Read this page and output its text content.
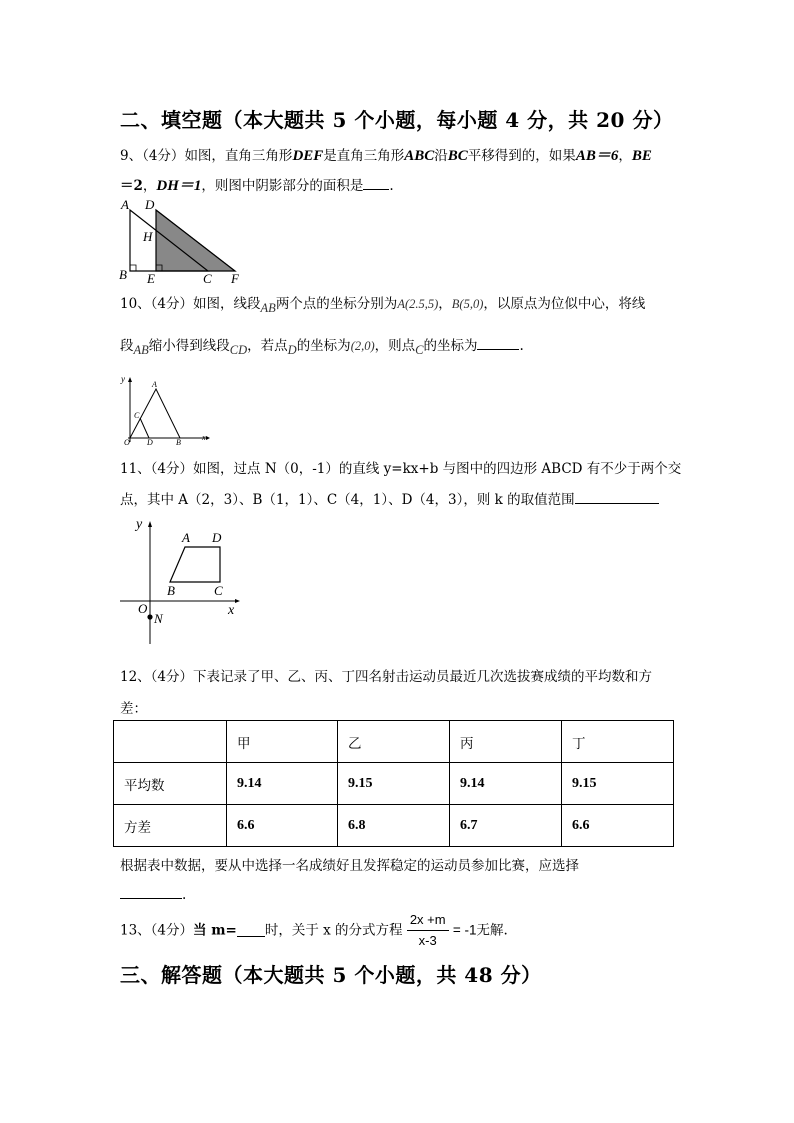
二、填空题（本大题共 5 个小题，每小题 4 分，共 20 分）
9、（4分）如图，直角三角形DEF是直角三角形ABC沿BC平移得到的，如果AB＝6，BE
＝2，DH＝1，则图中阴影部分的面积是 .
A D
H
B E	C F
10、（4分）如图，线段AB两个点的坐标分别为A(2.5,5)，B(5,0)，以原点为位似中心，将线
段AB缩小得到线段CD，若点D的坐标为(2,0)，则点C的坐标为	.
y
x
A
C
O D	B
11、（4分）如图，过点 N（0，-1）的直线 y=kx+b 与图中的四边形 ABCD 有不少于两个交
点，其中 A（2，3）、B（1，1）、C（4，1）、D（4，3），则 k 的取值范围
y
x
A D
B	C
O
N
12、（4分）下表记录了甲、乙、丙、丁四名射击运动员最近几次选拔赛成绩的平均数和方
差：
	甲	乙	丙	丁
平均数	9.14	9.15	9.14	9.15
方差	6.6	6.8	6.7	6.6
根据表中数据，要从中选择一名成绩好且发挥稳定的运动员参加比赛，应选择
.
13、（4分）当 m= 时，关于 x 的分式方程 $\frac{2x +m}{x-3} = -1$无解.
三、解答题（本大题共 5 个小题，共 48 分）
